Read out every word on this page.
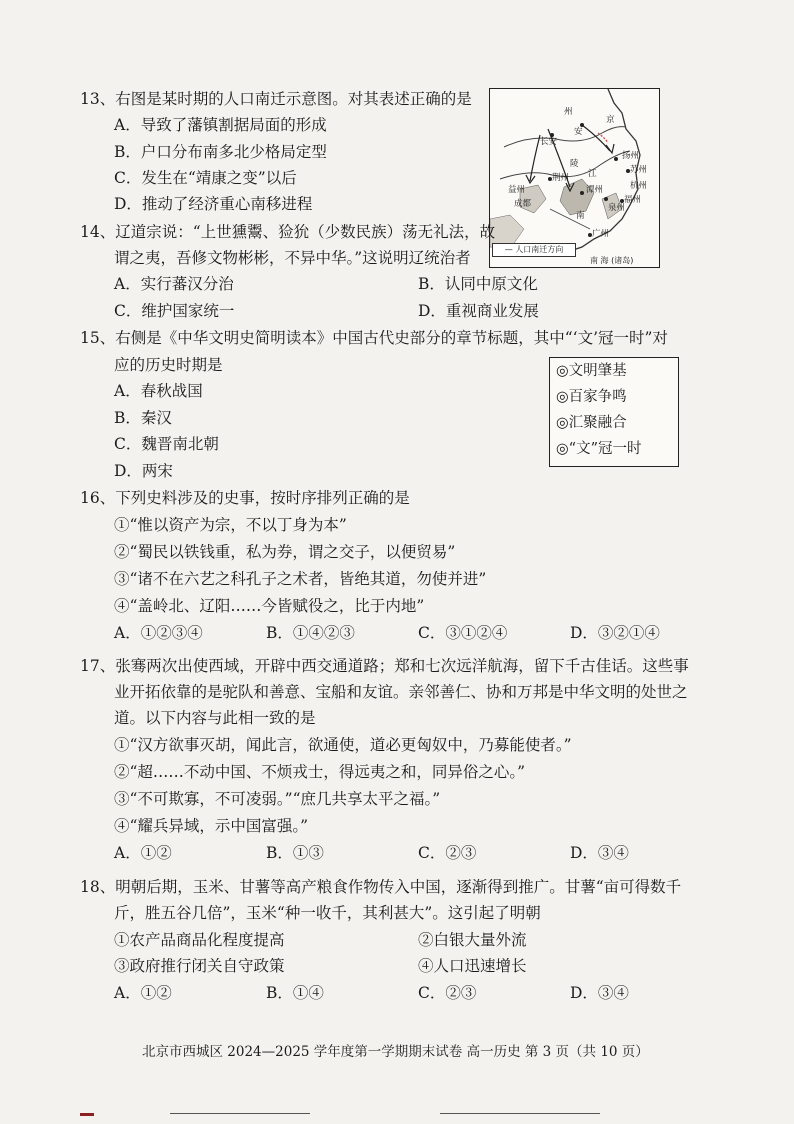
13、右图是某时期的人口南迁示意图。对其表述正确的是
A．导致了藩镇割据局面的形成
B．户口分布南多北少格局定型
C．发生在“靖康之变”以后
D．推动了经济重心南移进程
长安
安
州
京
扬州
苏州
杭州
益州
荆州
潭州
泉州
福州
广州
成都
江
陵
南
— 人口南迁方向
南 海 (诸岛)
14、辽道宗说：“上世獯鬻、猃狁（少数民族）荡无礼法，故
谓之夷，吾修文物彬彬，不异中华。”这说明辽统治者
A．实行蕃汉分治	B．认同中原文化
C．维护国家统一	D．重视商业发展
15、右侧是《中华文明史简明读本》中国古代史部分的章节标题，其中“‘文’冠一时”对
应的历史时期是
A．春秋战国
B．秦汉
C．魏晋南北朝
D．两宋
◎文明肇基
◎百家争鸣
◎汇聚融合
◎“文”冠一时
16、下列史料涉及的史事，按时序排列正确的是
①“惟以资产为宗，不以丁身为本”
②“蜀民以铁钱重，私为券，谓之交子，以便贸易”
③“诸不在六艺之科孔子之术者，皆绝其道，勿使并进”
④“盖岭北、辽阳……今皆赋役之，比于内地”
A．①②③④	B．①④②③	C．③①②④	D．③②①④
17、张骞两次出使西域，开辟中西交通道路；郑和七次远洋航海，留下千古佳话。这些事
业开拓依靠的是驼队和善意、宝船和友谊。亲邻善仁、协和万邦是中华文明的处世之
道。以下内容与此相一致的是
①“汉方欲事灭胡，闻此言，欲通使，道必更匈奴中，乃募能使者。”
②“超……不动中国、不烦戎士，得远夷之和，同异俗之心。”
③“不可欺寡，不可凌弱。”“庶几共享太平之福。”
④“耀兵异域，示中国富强。”
A．①②	B．①③	C．②③	D．③④
18、明朝后期，玉米、甘薯等高产粮食作物传入中国，逐渐得到推广。甘薯“亩可得数千
斤，胜五谷几倍”，玉米“种一收千，其利甚大”。这引起了明朝
①农产品商品化程度提高	②白银大量外流
③政府推行闭关自守政策	④人口迅速增长
A．①②	B．①④	C．②③	D．③④
北京市西城区 2024—2025 学年度第一学期期末试卷 高一历史 第 3 页（共 10 页）
